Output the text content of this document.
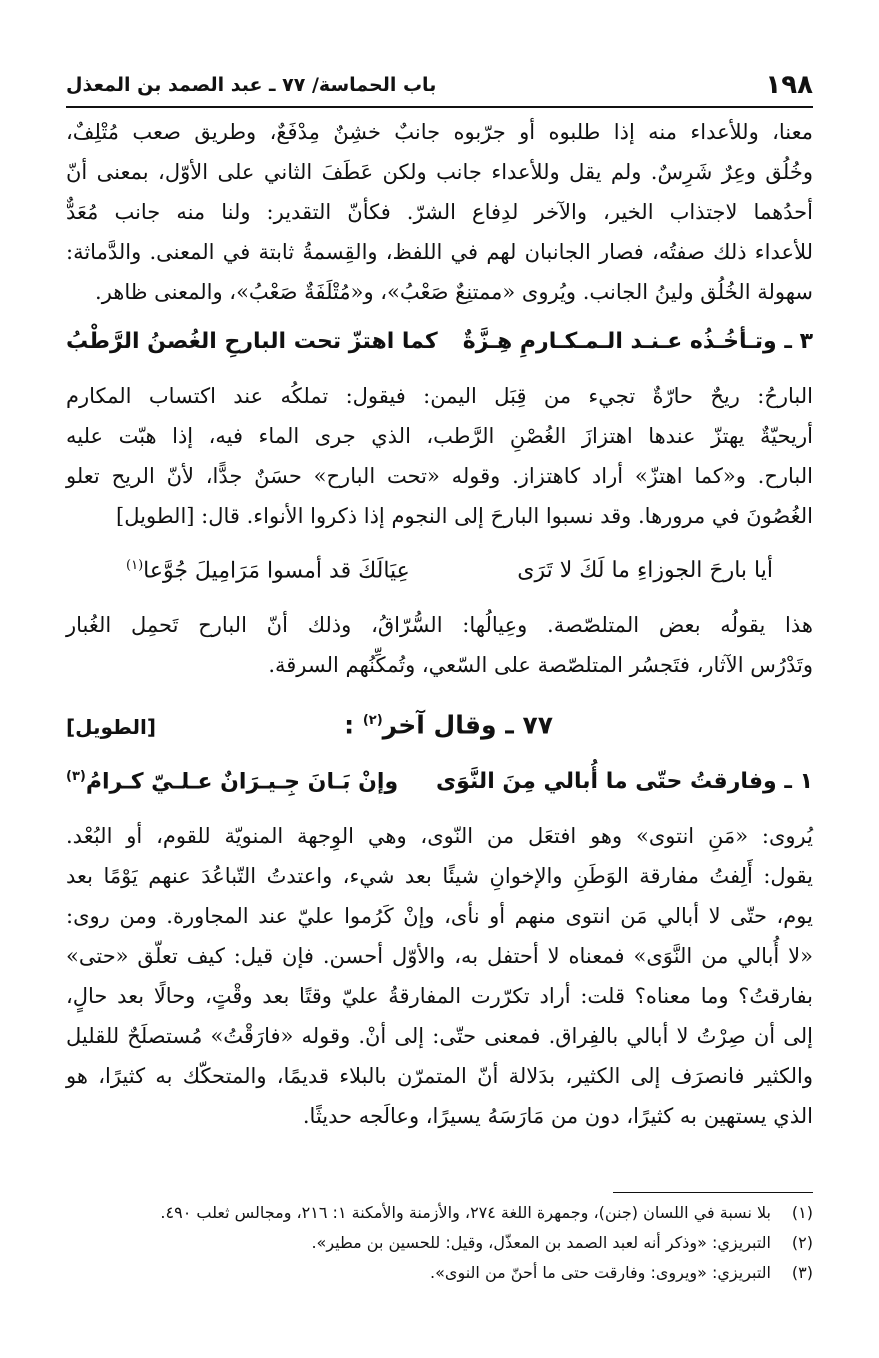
١٩٨
باب الحماسة/ ٧٧ ـ عبد الصمد بن المعذل

معنا، وللأعداء منه إذا طلبوه أو جرّبوه جانبٌ خشِنٌ مِدْفَعٌ، وطريق صعب مُتْلِفٌ،

وخُلُق وعِرٌ شَرِسٌ. ولم يقل وللأعداء جانب ولكن عَطَفَ الثاني على الأوّل، بمعنى أنّ

أحدُهما لاجتذاب الخير، والآخر لدِفاع الشرّ. فكأنّ التقدير: ولنا منه جانب مُعَدٌّ

للأعداء ذلك صفتُه، فصار الجانبان لهم في اللفظ، والقِسمةُ ثابتة في المعنى. والدَّماثة:

سهولة الخُلُق ولينُ الجانب. ويُروى «ممتنِعٌ صَعْبُ»، و«مُتْلَفَةٌ صَعْبُ»، والمعنى ظاهر.

٣ ـ وتـأخُـذُه عـنـد الـمـكـارمِ هِـزَّةٌ
كما اهتزّ تحت البارحِ الغُصنُ الرَّطْبُ

البارحُ: ريحٌ حارّةٌ تجيء من قِبَل اليمن: فيقول: تملكُه عند اكتساب المكارم

أريحيّةٌ يهتزّ عندها اهتزازَ الغُصْنِ الرَّطب، الذي جرى الماء فيه، إذا هبّت عليه

البارح. و«كما اهتزّ» أراد كاهتزاز. وقوله «تحت البارح» حسَنٌ جدًّا، لأنّ الريح تعلو

الغُصُونَ في مرورها. وقد نسبوا البارحَ إلى النجوم إذا ذكروا الأنواء. قال: [الطويل]

أيا بارحَ الجوزاءِ ما لَكَ لا تَرَى
عِيَالَكَ قد أمسوا مَرَامِيلَ جُوَّعا$^{(١)}$

هذا يقولُه بعض المتلصّصة. وعِيالُها: السُّرّاقُ، وذلك أنّ البارح تَحمِل الغُبار

وتَدْرُس الآثار، فتَجسُر المتلصّصة على السّعي، وتُمكِّنُهم السرقة.

٧٧ ـ وقال آخر$^{(٢)}$ :
[الطويل]
١ ـ وفارقتُ حتّى ما أُبالي مِنَ النَّوَى
وإنْ بَـانَ جِـيـرَانٌ عـلـيّ كـرامُ$^{(٣)}$

يُروى: «مَنِ انتوى» وهو افتعَل من النّوى، وهي الوِجهة المنويّة للقوم، أو البُعْد.

يقول: أَلِفتُ مفارقة الوَطَنِ والإخوانِ شيئًا بعد شيء، واعتدتُ التّباعُدَ عنهم يَوْمًا بعد

يوم، حتّى لا أبالي مَن انتوى منهم أو نأى، وإنْ كَرُموا عليّ عند المجاورة. ومن روى:

«لا أُبالي من النَّوَى» فمعناه لا أحتفل به، والأوّل أحسن. فإن قيل: كيف تعلّق «حتى»

بفارقتُ؟ وما معناه؟ قلت: أراد تكرّرت المفارقةُ عليّ وقتًا بعد وقْتٍ، وحالًا بعد حالٍ،

إلى أن صِرْتُ لا أبالي بالفِراق. فمعنى حتّى: إلى أنْ. وقوله «فارَقْتُ» مُستصلَحٌ للقليل

والكثير فانصرَف إلى الكثير، بدَلالة أنّ المتمرّن بالبلاء قديمًا، والمتحكّك به كثيرًا، هو

الذي يستهين به كثيرًا، دون من مَارَسَهُ يسيرًا، وعالَجه حديثًا.

(١)
بلا نسبة في اللسان (جنن)، وجمهرة اللغة ٢٧٤، والأزمنة والأمكنة ١: ٢١٦، ومجالس ثعلب ٤٩٠.
(٢)
التبريزي: «وذكر أنه لعبد الصمد بن المعذّل، وقيل: للحسين بن مطير».
(٣)
التبريزي: «ويروى: وفارقت حتى ما أحنّ من النوى».
